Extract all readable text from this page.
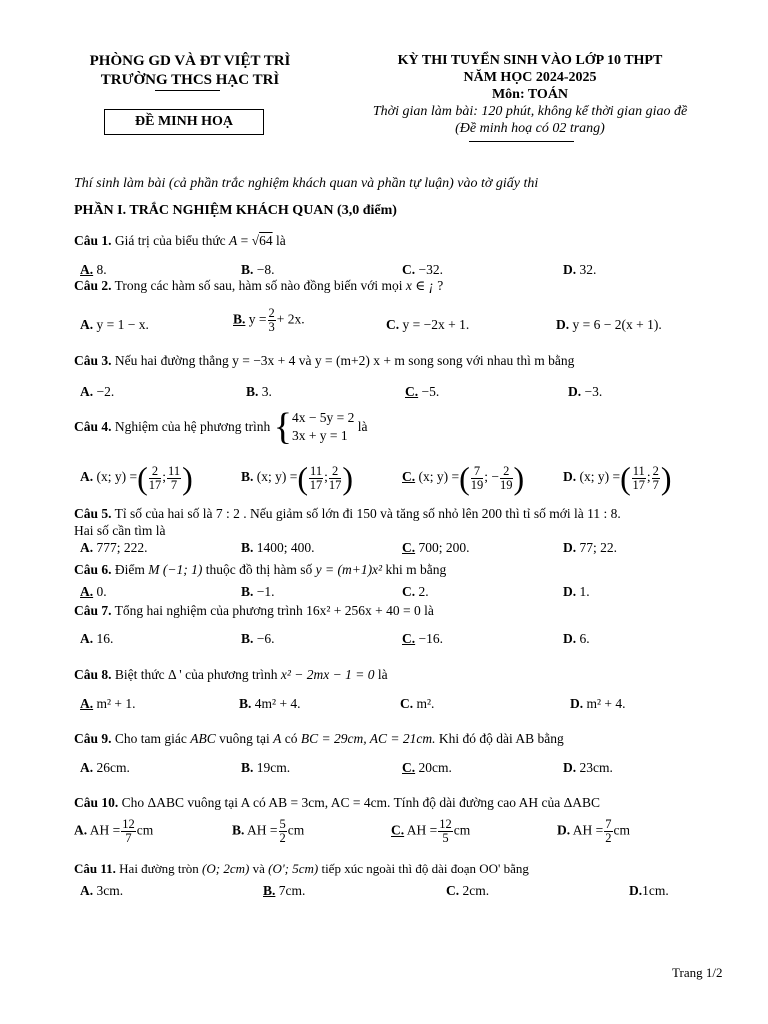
PHÒNG GD VÀ ĐT VIỆT TRÌ
TRƯỜNG THCS HẠC TRÌ
ĐỀ MINH HOẠ
KỲ THI TUYỂN SINH VÀO LỚP 10 THPT
NĂM HỌC 2024-2025
Môn: TOÁN
Thời gian làm bài: 120 phút, không kể thời gian giao đề
(Đề minh hoạ có 02 trang)
Thí sinh làm bài (cả phần trắc nghiệm khách quan và phần tự luận) vào tờ giấy thi
PHẦN I. TRẮC NGHIỆM KHÁCH QUAN (3,0 điểm)
Câu 1. Giá trị của biểu thức A = √64 là
A. 8.	B. −8.	C. −32.	D. 32.
Câu 2. Trong các hàm số sau, hàm số nào đồng biến với mọi x ∈ ¡ ?
A. y = 1 − x.	B. $y = \frac{2}{3} + 2x$.	C. y = −2x + 1.	D. y = 6 − 2(x + 1).
Câu 3. Nếu hai đường thẳng y = −3x + 4 và y = (m+2) x + m song song với nhau thì m bằng
A. −2.	B. 3.	C. −5.	D. −3.
Câu 4. Nghiệm của hệ phương trình { 4x − 5y = 2
3x + y = 1
là
A. (x; y) =( $\frac{2}{17}$ ; $\frac{11}{7}$ )	B. (x; y) =( $\frac{11}{17}$ ; $\frac{2}{17}$ )	C. (x; y) =( $\frac{7}{19}$ ; − $\frac{2}{19}$ )	D. (x; y) =( $\frac{11}{17}$ ; $\frac{2}{7}$ )
Câu 5. Tỉ số của hai số là 7 : 2 . Nếu giảm số lớn đi 150 và tăng số nhỏ lên 200 thì tỉ số mới là 11 : 8.
Hai số cần tìm là
A. 777; 222.	B. 1400; 400.	C. 700; 200.	D. 77; 22.
Câu 6. Điểm M (−1; 1) thuộc đồ thị hàm số y = (m+1)x² khi m bằng
A. 0.	B. −1.	C. 2.	D. 1.
Câu 7. Tổng hai nghiệm của phương trình 16x² + 256x + 40 = 0 là
A. 16.	B. −6.	C. −16.	D. 6.
Câu 8. Biệt thức Δ ' của phương trình x² − 2mx − 1 = 0 là
A. m² + 1.	B. 4m² + 4.	C. m².	D. m² + 4.
Câu 9. Cho tam giác ABC vuông tại A có BC = 29cm, AC = 21cm. Khi đó độ dài AB bằng
A. 26cm.	B. 19cm.	C. 20cm.	D. 23cm.
Câu 10. Cho ΔABC vuông tại A có AB = 3cm, AC = 4cm. Tính độ dài đường cao AH của ΔABC
A. AH = $\frac{12}{7}$ cm	B. AH = $\frac{5}{2}$ cm	C. AH = $\frac{12}{5}$ cm	D. AH = $\frac{7}{2}$ cm
Câu 11. Hai đường tròn (O; 2cm) và (O'; 5cm) tiếp xúc ngoài thì độ dài đoạn OO' bằng
A. 3cm.	B. 7cm.	C. 2cm.	D.1cm.
Trang 1/2
